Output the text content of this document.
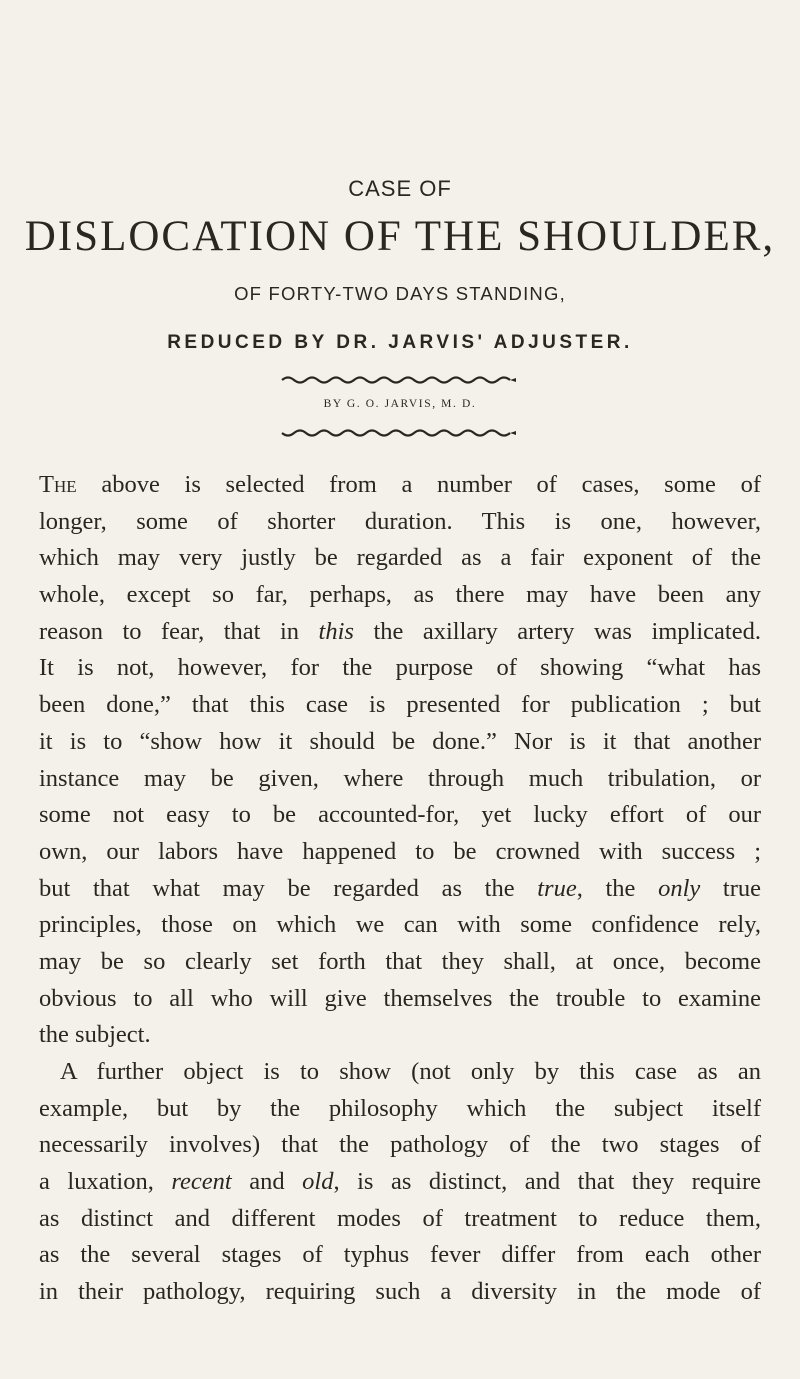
CASE OF
DISLOCATION OF THE SHOULDER,
OF FORTY-TWO DAYS STANDING,
REDUCED BY DR. JARVIS' ADJUSTER.
BY G. O. JARVIS, M. D.
The above is selected from a number of cases, some of
longer, some of shorter duration. This is one, however,
which may very justly be regarded as a fair exponent of the
whole, except so far, perhaps, as there may have been any
reason to fear, that in this the axillary artery was implicated.
It is not, however, for the purpose of showing “what has
been done,” that this case is presented for publication ; but
it is to “show how it should be done.” Nor is it that another
instance may be given, where through much tribulation, or
some not easy to be accounted-for, yet lucky effort of our
own, our labors have happened to be crowned with success ;
but that what may be regarded as the true, the only true
principles, those on which we can with some confidence rely,
may be so clearly set forth that they shall, at once, become
obvious to all who will give themselves the trouble to examine
the subject.
A further object is to show (not only by this case as an
example, but by the philosophy which the subject itself
necessarily involves) that the pathology of the two stages of
a luxation, recent and old, is as distinct, and that they require
as distinct and different modes of treatment to reduce them,
as the several stages of typhus fever differ from each other
in their pathology, requiring such a diversity in the mode of
